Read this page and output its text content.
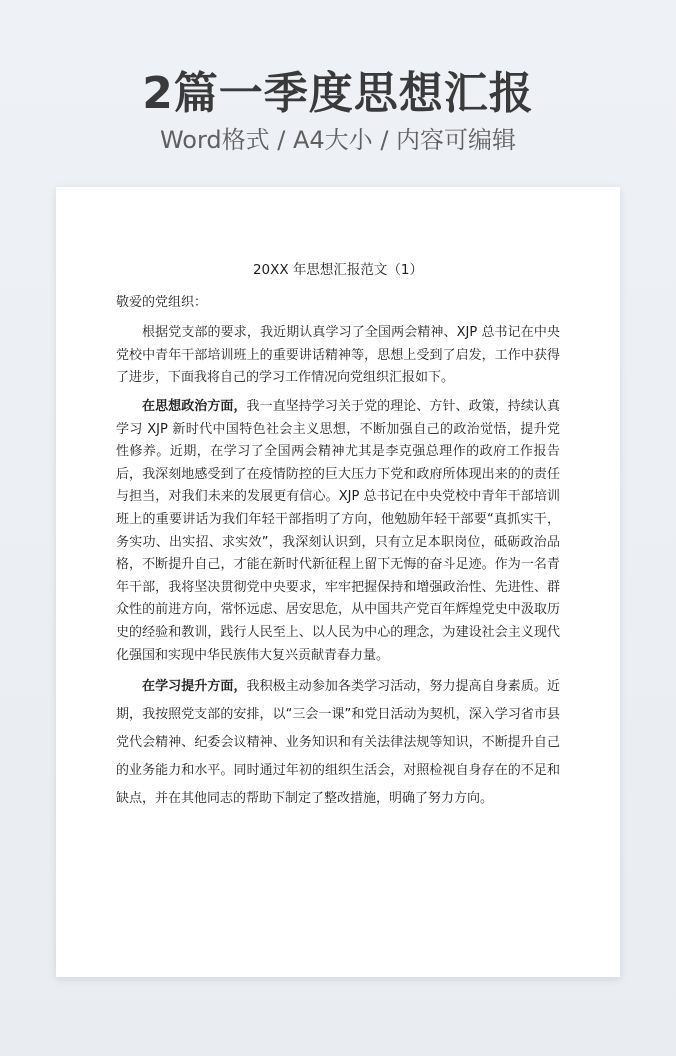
2篇一季度思想汇报
Word格式 / A4大小 / 内容可编辑
20XX 年思想汇报范文（1）
敬爱的党组织：

根据党支部的要求，我近期认真学习了全国两会精神、XJP 总书记在中央党校中青年干部培训班上的重要讲话精神等，思想上受到了启发，工作中获得了进步，下面我将自己的学习工作情况向党组织汇报如下。

在思想政治方面，我一直坚持学习关于党的理论、方针、政策，持续认真学习 XJP 新时代中国特色社会主义思想，不断加强自己的政治觉悟，提升党性修养。近期，在学习了全国两会精神尤其是李克强总理作的政府工作报告后，我深刻地感受到了在疫情防控的巨大压力下党和政府所体现出来的的责任与担当，对我们未来的发展更有信心。XJP 总书记在中央党校中青年干部培训班上的重要讲话为我们年轻干部指明了方向，他勉励年轻干部要“真抓实干，务实功、出实招、求实效”，我深刻认识到，只有立足本职岗位，砥砺政治品格，不断提升自己，才能在新时代新征程上留下无悔的奋斗足迹。作为一名青年干部，我将坚决贯彻党中央要求，牢牢把握保持和增强政治性、先进性、群众性的前进方向，常怀远虑、居安思危，从中国共产党百年辉煌党史中汲取历史的经验和教训，践行人民至上、以人民为中心的理念，为建设社会主义现代化强国和实现中华民族伟大复兴贡献青春力量。

在学习提升方面，我积极主动参加各类学习活动，努力提高自身素质。近期，我按照党支部的安排，以“三会一课”和党日活动为契机，深入学习省市县党代会精神、纪委会议精神、业务知识和有关法律法规等知识，不断提升自己的业务能力和水平。同时通过年初的组织生活会，对照检视自身存在的不足和缺点，并在其他同志的帮助下制定了整改措施，明确了努力方向。
